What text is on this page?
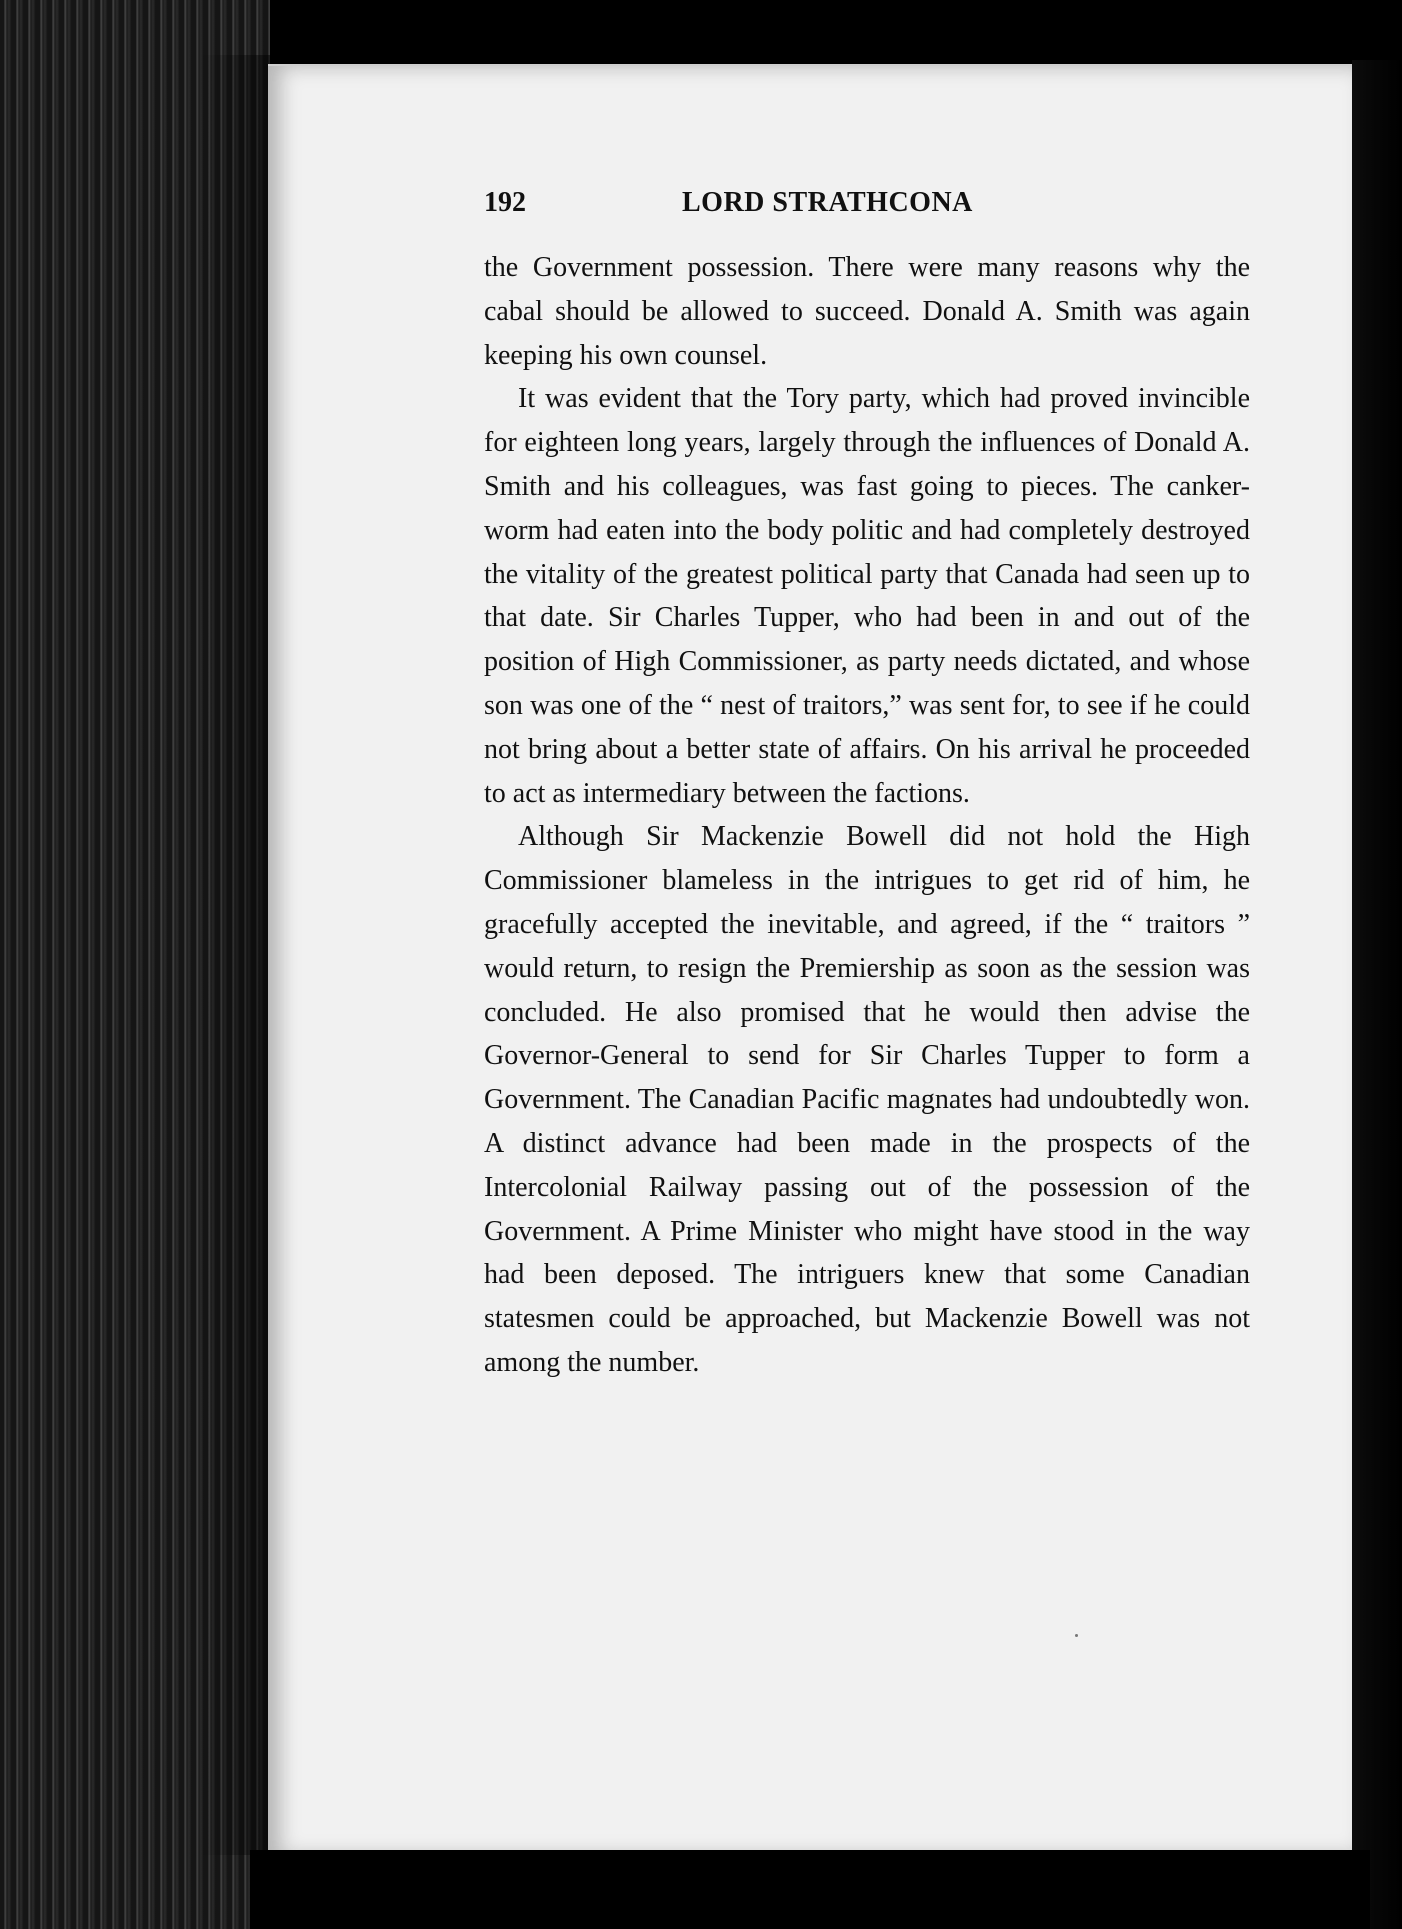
192	LORD STRATHCONA

the Government possession. There were many reasons why the cabal should be allowed to succeed. Donald A. Smith was again keeping his own counsel.

It was evident that the Tory party, which had proved invincible for eighteen long years, largely through the influences of Donald A. Smith and his colleagues, was fast going to pieces. The canker-worm had eaten into the body politic and had completely destroyed the vitality of the greatest political party that Canada had seen up to that date. Sir Charles Tupper, who had been in and out of the position of High Commissioner, as party needs dictated, and whose son was one of the “ nest of traitors,” was sent for, to see if he could not bring about a better state of affairs. On his arrival he proceeded to act as intermediary between the factions.

Although Sir Mackenzie Bowell did not hold the High Commissioner blameless in the intrigues to get rid of him, he gracefully accepted the inevitable, and agreed, if the “ traitors ” would return, to resign the Premiership as soon as the session was concluded. He also promised that he would then advise the Governor-General to send for Sir Charles Tupper to form a Government. The Canadian Pacific magnates had undoubtedly won. A distinct advance had been made in the prospects of the Intercolonial Railway passing out of the possession of the Government. A Prime Minister who might have stood in the way had been deposed. The intriguers knew that some Canadian statesmen could be approached, but Mackenzie Bowell was not among the number.
